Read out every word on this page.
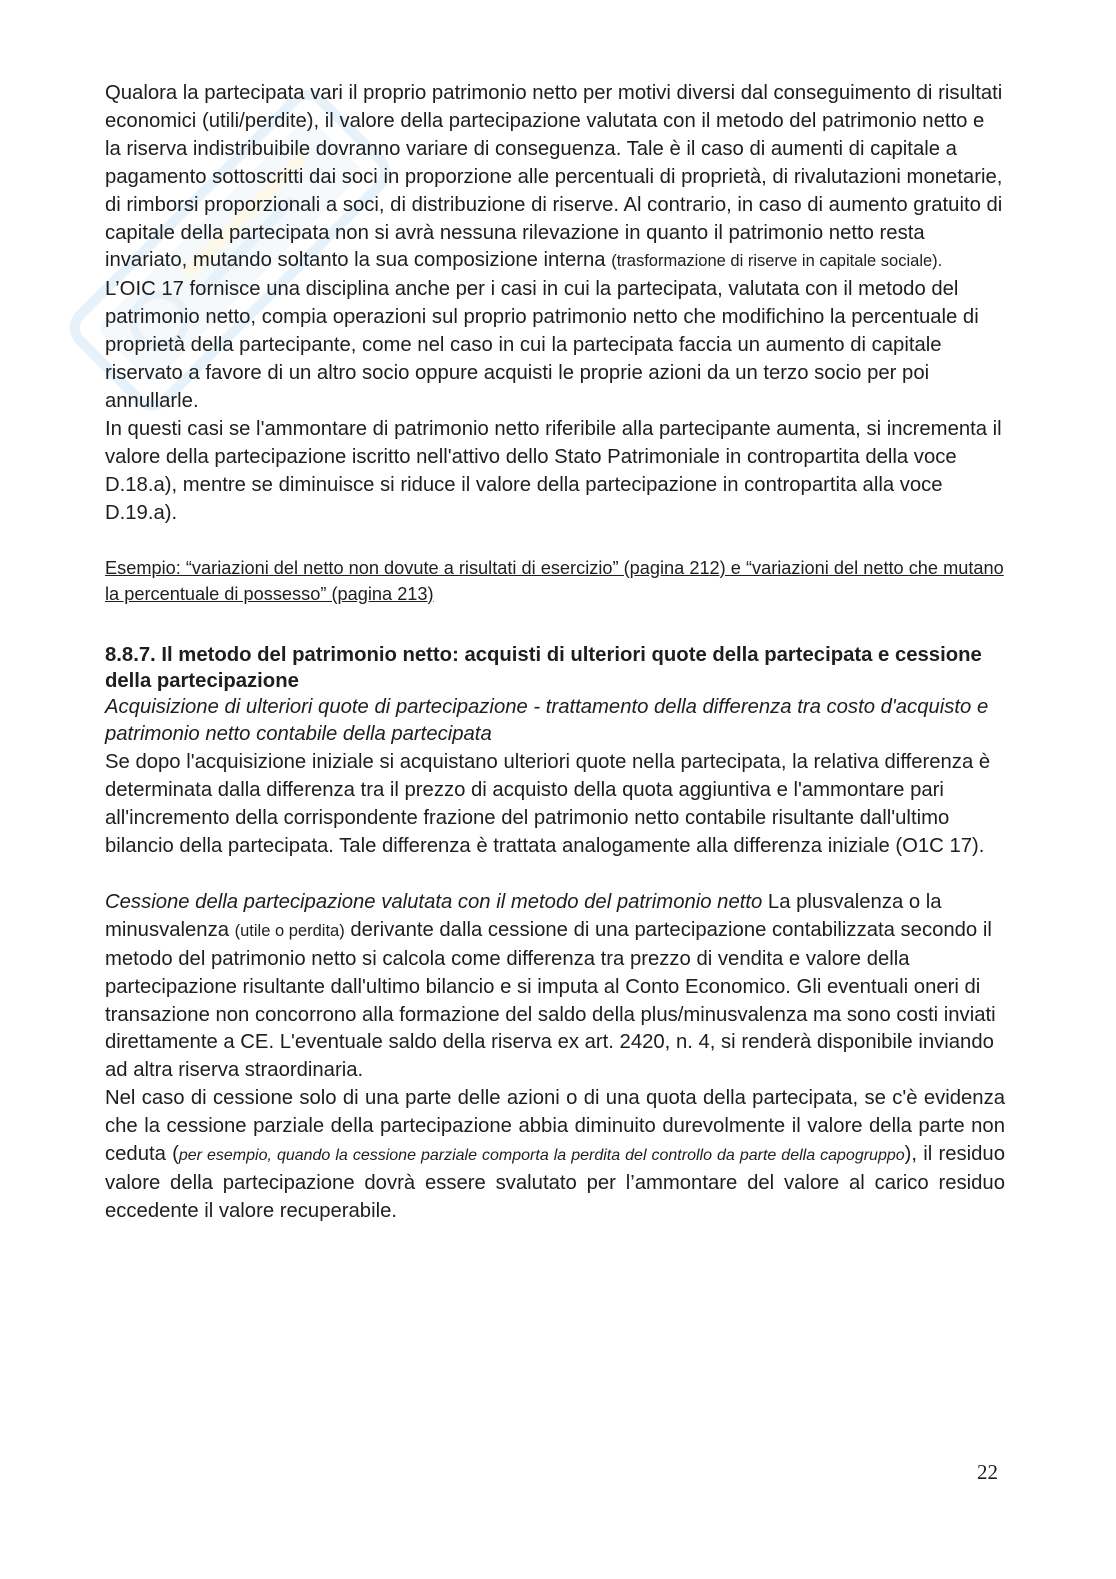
Qualora la partecipata vari il proprio patrimonio netto per motivi diversi dal conseguimento di risultati economici (utili/perdite), il valore della partecipazione valutata con il metodo del patrimonio netto e la riserva indistribuibile dovranno variare di conseguenza. Tale è il caso di aumenti di capitale a pagamento sottoscritti dai soci in proporzione alle percentuali di proprietà, di rivalutazioni monetarie, di rimborsi proporzionali a soci, di distribuzione di riserve. Al contrario, in caso di aumento gratuito di capitale della partecipata non si avrà nessuna rilevazione in quanto il patrimonio netto resta invariato, mutando soltanto la sua composizione interna (trasformazione di riserve in capitale sociale).

L’OIC 17 fornisce una disciplina anche per i casi in cui la partecipata, valutata con il metodo del patrimonio netto, compia operazioni sul proprio patrimonio netto che modifichino la percentuale di proprietà della partecipante, come nel caso in cui la partecipata faccia un aumento di capitale riservato a favore di un altro socio oppure acquisti le proprie azioni da un terzo socio per poi annullarle.

In questi casi se l'ammontare di patrimonio netto riferibile alla partecipante aumenta, si incrementa il valore della partecipazione iscritto nell'attivo dello Stato Patrimoniale in contropartita della voce D.18.a), mentre se diminuisce si riduce il valore della partecipazione in contropartita alla voce D.19.a).

Esempio: “variazioni del netto non dovute a risultati di esercizio” (pagina 212) e “variazioni del netto che mutano la percentuale di possesso” (pagina 213)

8.8.7. Il metodo del patrimonio netto: acquisti di ulteriori quote della partecipata e cessione della partecipazione

Acquisizione di ulteriori quote di partecipazione - trattamento della differenza tra costo d'acquisto e patrimonio netto contabile della partecipata

Se dopo l'acquisizione iniziale si acquistano ulteriori quote nella partecipata, la relativa differenza è determinata dalla differenza tra il prezzo di acquisto della quota aggiuntiva e l'ammontare pari all'incremento della corrispondente frazione del patrimonio netto contabile risultante dall'ultimo bilancio della partecipata. Tale differenza è trattata analogamente alla differenza iniziale (O1C 17).

Cessione della partecipazione valutata con il metodo del patrimonio netto La plusvalenza o la minusvalenza (utile o perdita) derivante dalla cessione di una partecipazione contabilizzata secondo il metodo del patrimonio netto si calcola come differenza tra prezzo di vendita e valore della partecipazione risultante dall'ultimo bilancio e si imputa al Conto Economico. Gli eventuali oneri di transazione non concorrono alla formazione del saldo della plus/minusvalenza ma sono costi inviati direttamente a CE. L'eventuale saldo della riserva ex art. 2420, n. 4, si renderà disponibile inviando ad altra riserva straordinaria.

Nel caso di cessione solo di una parte delle azioni o di una quota della partecipata, se c'è evidenza che la cessione parziale della partecipazione abbia diminuito durevolmente il valore della parte non ceduta (per esempio, quando la cessione parziale comporta la perdita del controllo da parte della capogruppo), il residuo valore della partecipazione dovrà essere svalutato per l’ammontare del valore al carico residuo eccedente il valore recuperabile.

22
